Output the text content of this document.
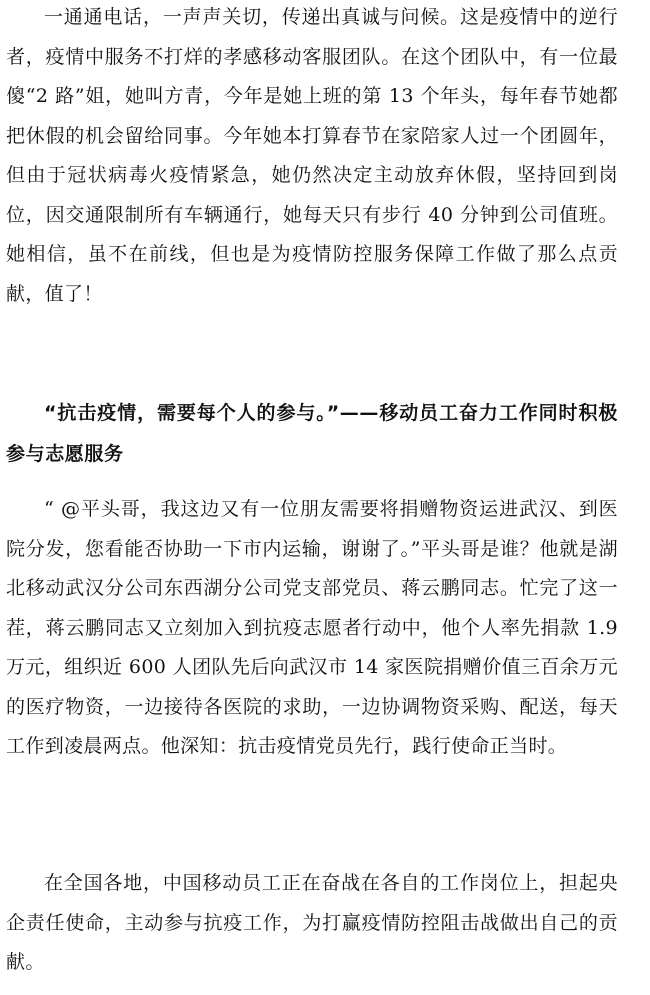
一通通电话，一声声关切，传递出真诚与问候。这是疫情中的逆行者，疫情中服务不打烊的孝感移动客服团队。在这个团队中，有一位最傻“2 路”姐，她叫方青，今年是她上班的第 13 个年头，每年春节她都把休假的机会留给同事。今年她本打算春节在家陪家人过一个团圆年，但由于冠状病毒火疫情紧急，她仍然决定主动放弃休假，坚持回到岗位，因交通限制所有车辆通行，她每天只有步行 40 分钟到公司值班。她相信，虽不在前线，但也是为疫情防控服务保障工作做了那么点贡献，值了！

“抗击疫情，需要每个人的参与。”——移动员工奋力工作同时积极参与志愿服务

“ @平头哥，我这边又有一位朋友需要将捐赠物资运进武汉、到医院分发，您看能否协助一下市内运输，谢谢了。”平头哥是谁？他就是湖北移动武汉分公司东西湖分公司党支部党员、蒋云鹏同志。忙完了这一茬，蒋云鹏同志又立刻加入到抗疫志愿者行动中，他个人率先捐款 1.9 万元，组织近 600 人团队先后向武汉市 14 家医院捐赠价值三百余万元的医疗物资，一边接待各医院的求助，一边协调物资采购、配送，每天工作到凌晨两点。他深知：抗击疫情党员先行，践行使命正当时。

在全国各地，中国移动员工正在奋战在各自的工作岗位上，担起央企责任使命，主动参与抗疫工作，为打赢疫情防控阻击战做出自己的贡献。
